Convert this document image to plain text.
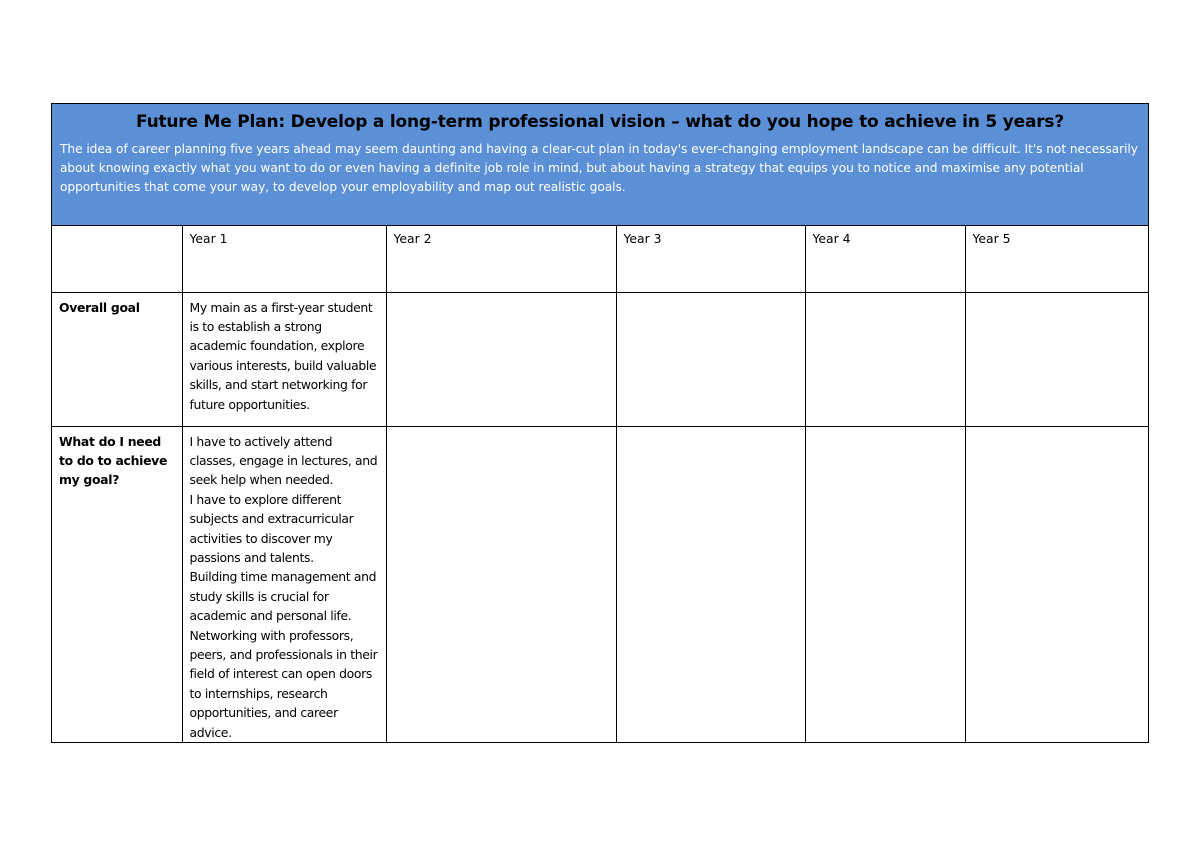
Future Me Plan: Develop a long-term professional vision – what do you hope to achieve in 5 years?

The idea of career planning five years ahead may seem daunting and having a clear-cut plan in today's ever-changing employment landscape can be difficult. It's not necessarily about knowing exactly what you want to do or even having a definite job role in mind, but about having a strategy that equips you to notice and maximise any potential opportunities that come your way, to develop your employability and map out realistic goals.

	Year 1	Year 2	Year 3	Year 4	Year 5
Overall goal	My main as a first-year student is to establish a strong academic foundation, explore various interests, build valuable skills, and start networking for future opportunities.				
What do I need to do to achieve my goal?	I have to actively attend classes, engage in lectures, and seek help when needed.
I have to explore different subjects and extracurricular activities to discover my passions and talents.
Building time management and study skills is crucial for academic and personal life.
Networking with professors, peers, and professionals in their field of interest can open doors to internships, research opportunities, and career advice.				
